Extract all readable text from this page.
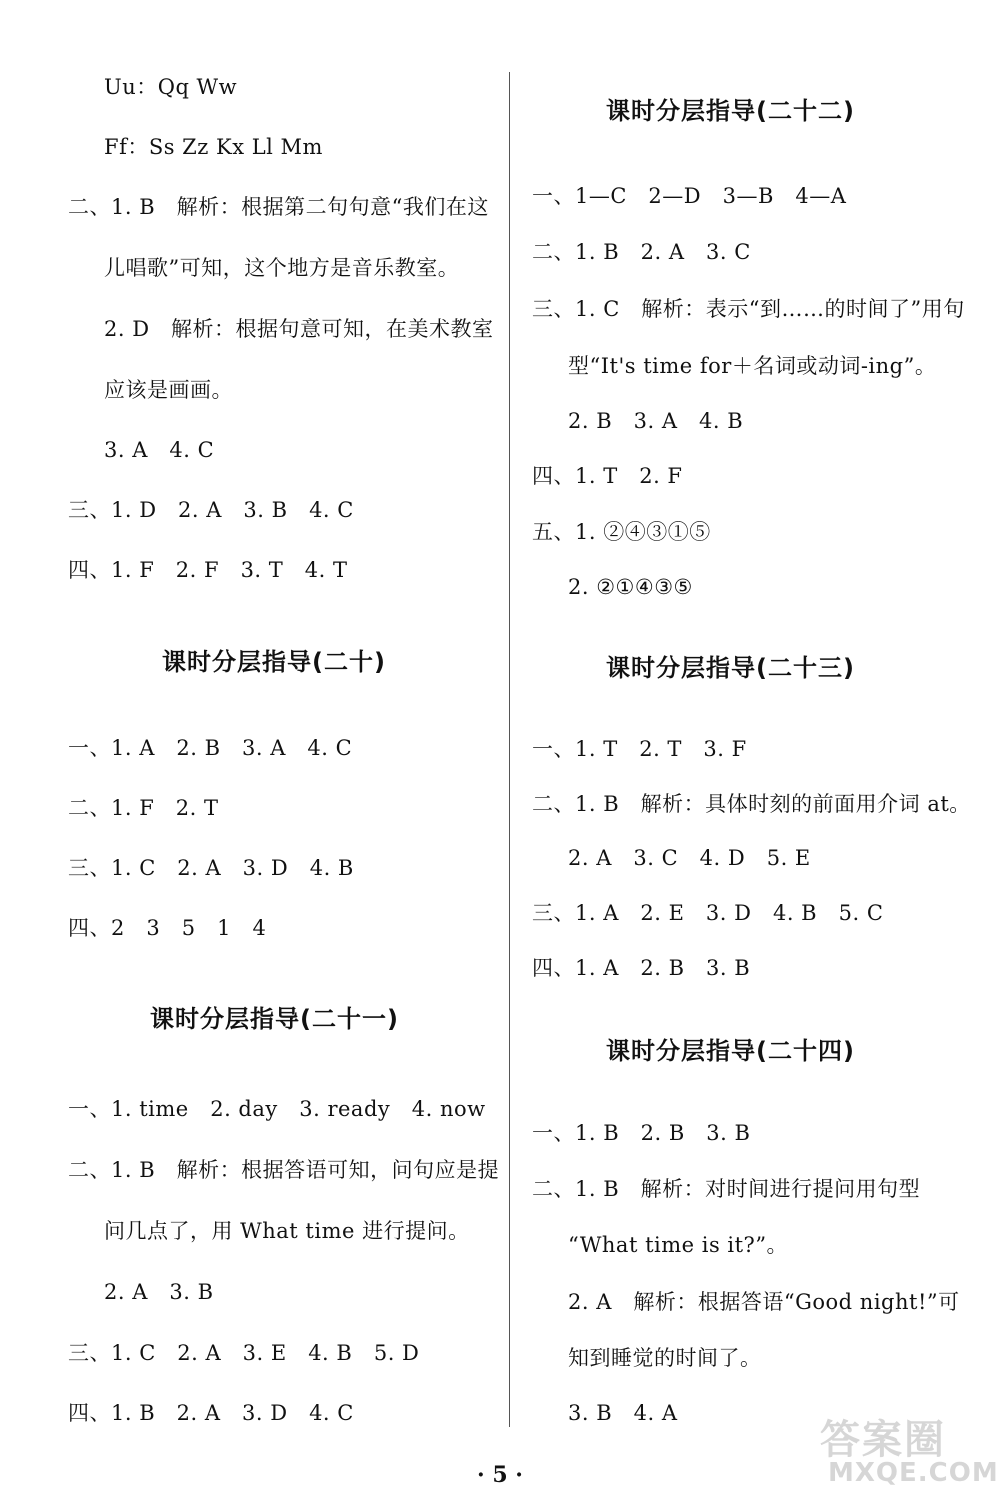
Uu：Qq Ww
Ff：Ss Zz Kx Ll Mm
二、1. B　解析：根据第二句句意“我们在这
儿唱歌”可知，这个地方是音乐教室。
2. D　解析：根据句意可知，在美术教室
应该是画画。
3. A　4. C
三、1. D　2. A　3. B　4. C
四、1. F　2. F　3. T　4. T
课时分层指导(二十)
一、1. A　2. B　3. A　4. C
二、1. F　2. T
三、1. C　2. A　3. D　4. B
四、2　3　5　1　4
课时分层指导(二十一)
一、1. time　2. day　3. ready　4. now
二、1. B　解析：根据答语可知，问句应是提
问几点了，用 What time 进行提问。
2. A　3. B
三、1. C　2. A　3. E　4. B　5. D
四、1. B　2. A　3. D　4. C
课时分层指导(二十二)
一、1—C　2—D　3—B　4—A
二、1. B　2. A　3. C
三、1. C　解析：表示“到……的时间了”用句
型“It's time for＋名词或动词-ing”。
2. B　3. A　4. B
四、1. T　2. F
五、1. ②④③①⑤
2. ②①④③⑤
课时分层指导(二十三)
一、1. T　2. T　3. F
二、1. B　解析：具体时刻的前面用介词 at。
2. A　3. C　4. D　5. E
三、1. A　2. E　3. D　4. B　5. C
四、1. A　2. B　3. B
课时分层指导(二十四)
一、1. B　2. B　3. B
二、1. B　解析：对时间进行提问用句型
“What time is it?”。
2. A　解析：根据答语“Good night!”可
知到睡觉的时间了。
3. B　4. A
· 5 ·
答案圈
MXQE.COM
